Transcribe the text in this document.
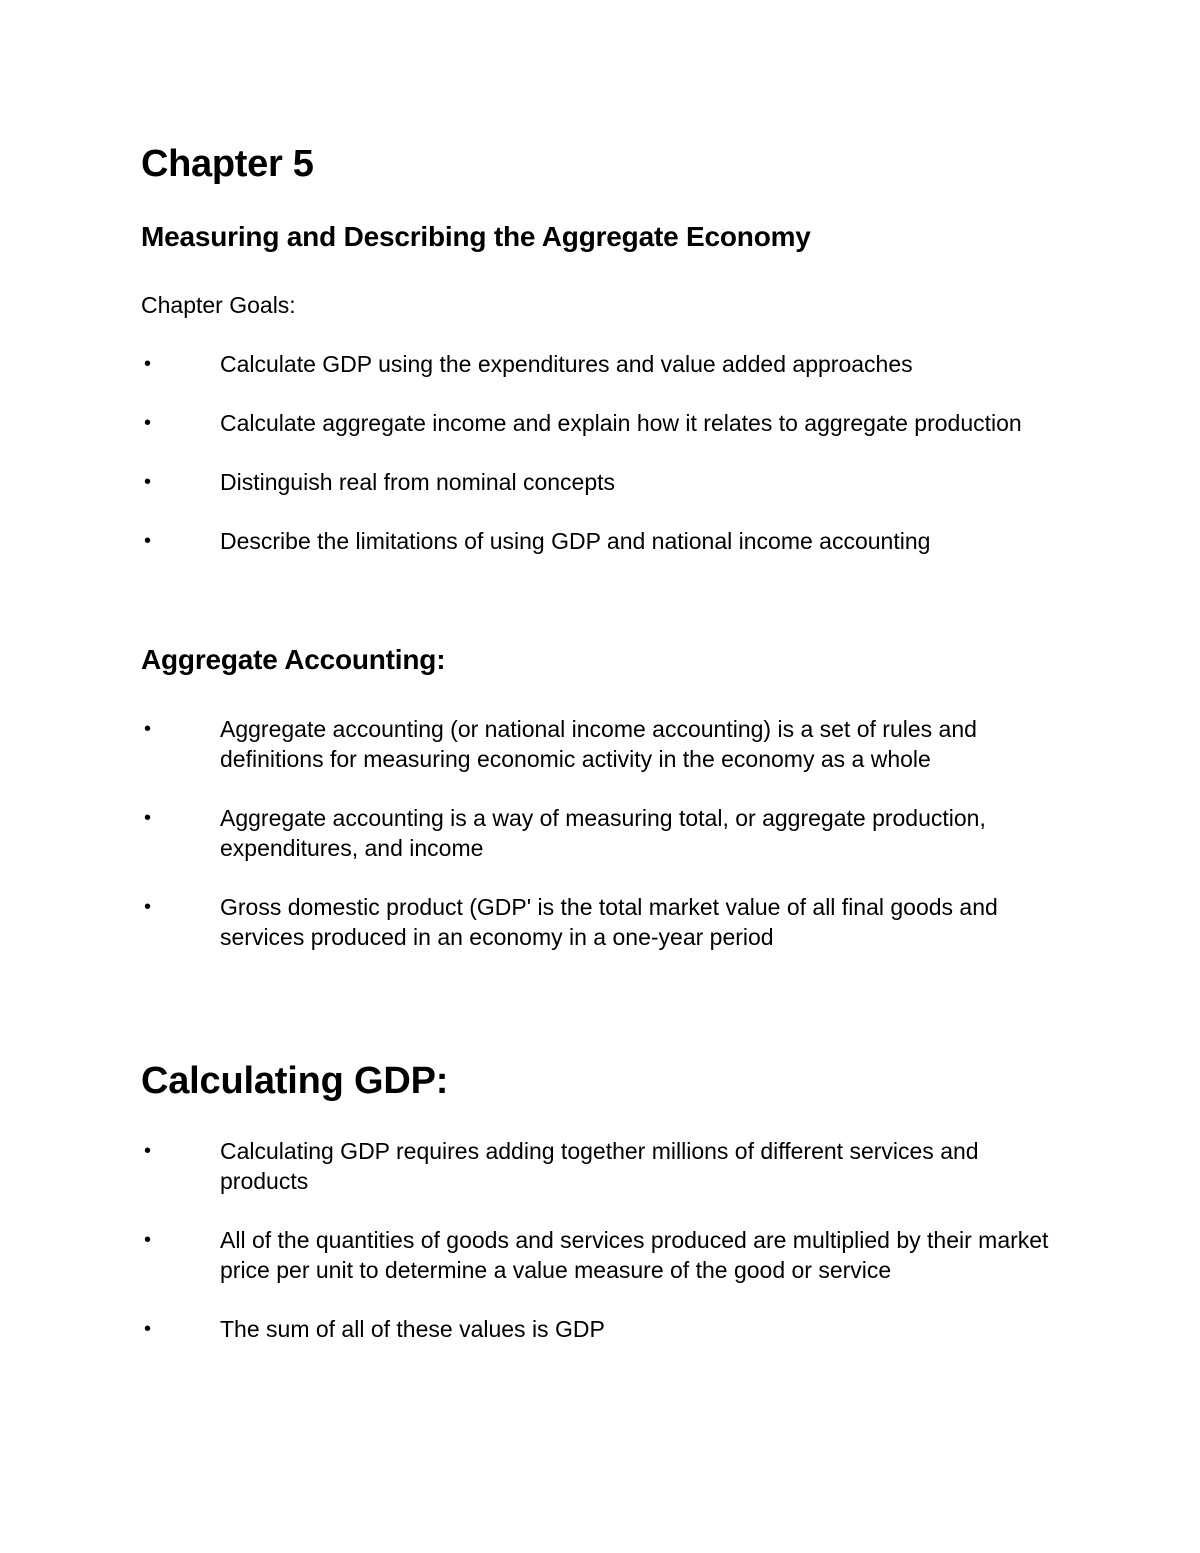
Chapter 5
Measuring and Describing the Aggregate Economy

Chapter Goals:

•	Calculate GDP using the expenditures and value added approaches
•	Calculate aggregate income and explain how it relates to aggregate production
•	Distinguish real from nominal concepts
•	Describe the limitations of using GDP and national income accounting
Aggregate Accounting:
•	Aggregate accounting (or national income accounting) is a set of rules and definitions for measuring economic activity in the economy as a whole
•	Aggregate accounting is a way of measuring total, or aggregate production, expenditures, and income
•	Gross domestic product (GDP' is the total market value of all final goods and services produced in an economy in a one-year period
Calculating GDP:
•	Calculating GDP requires adding together millions of different services and products
•	All of the quantities of goods and services produced are multiplied by their market price per unit to determine a value measure of the good or service
•	The sum of all of these values is GDP
